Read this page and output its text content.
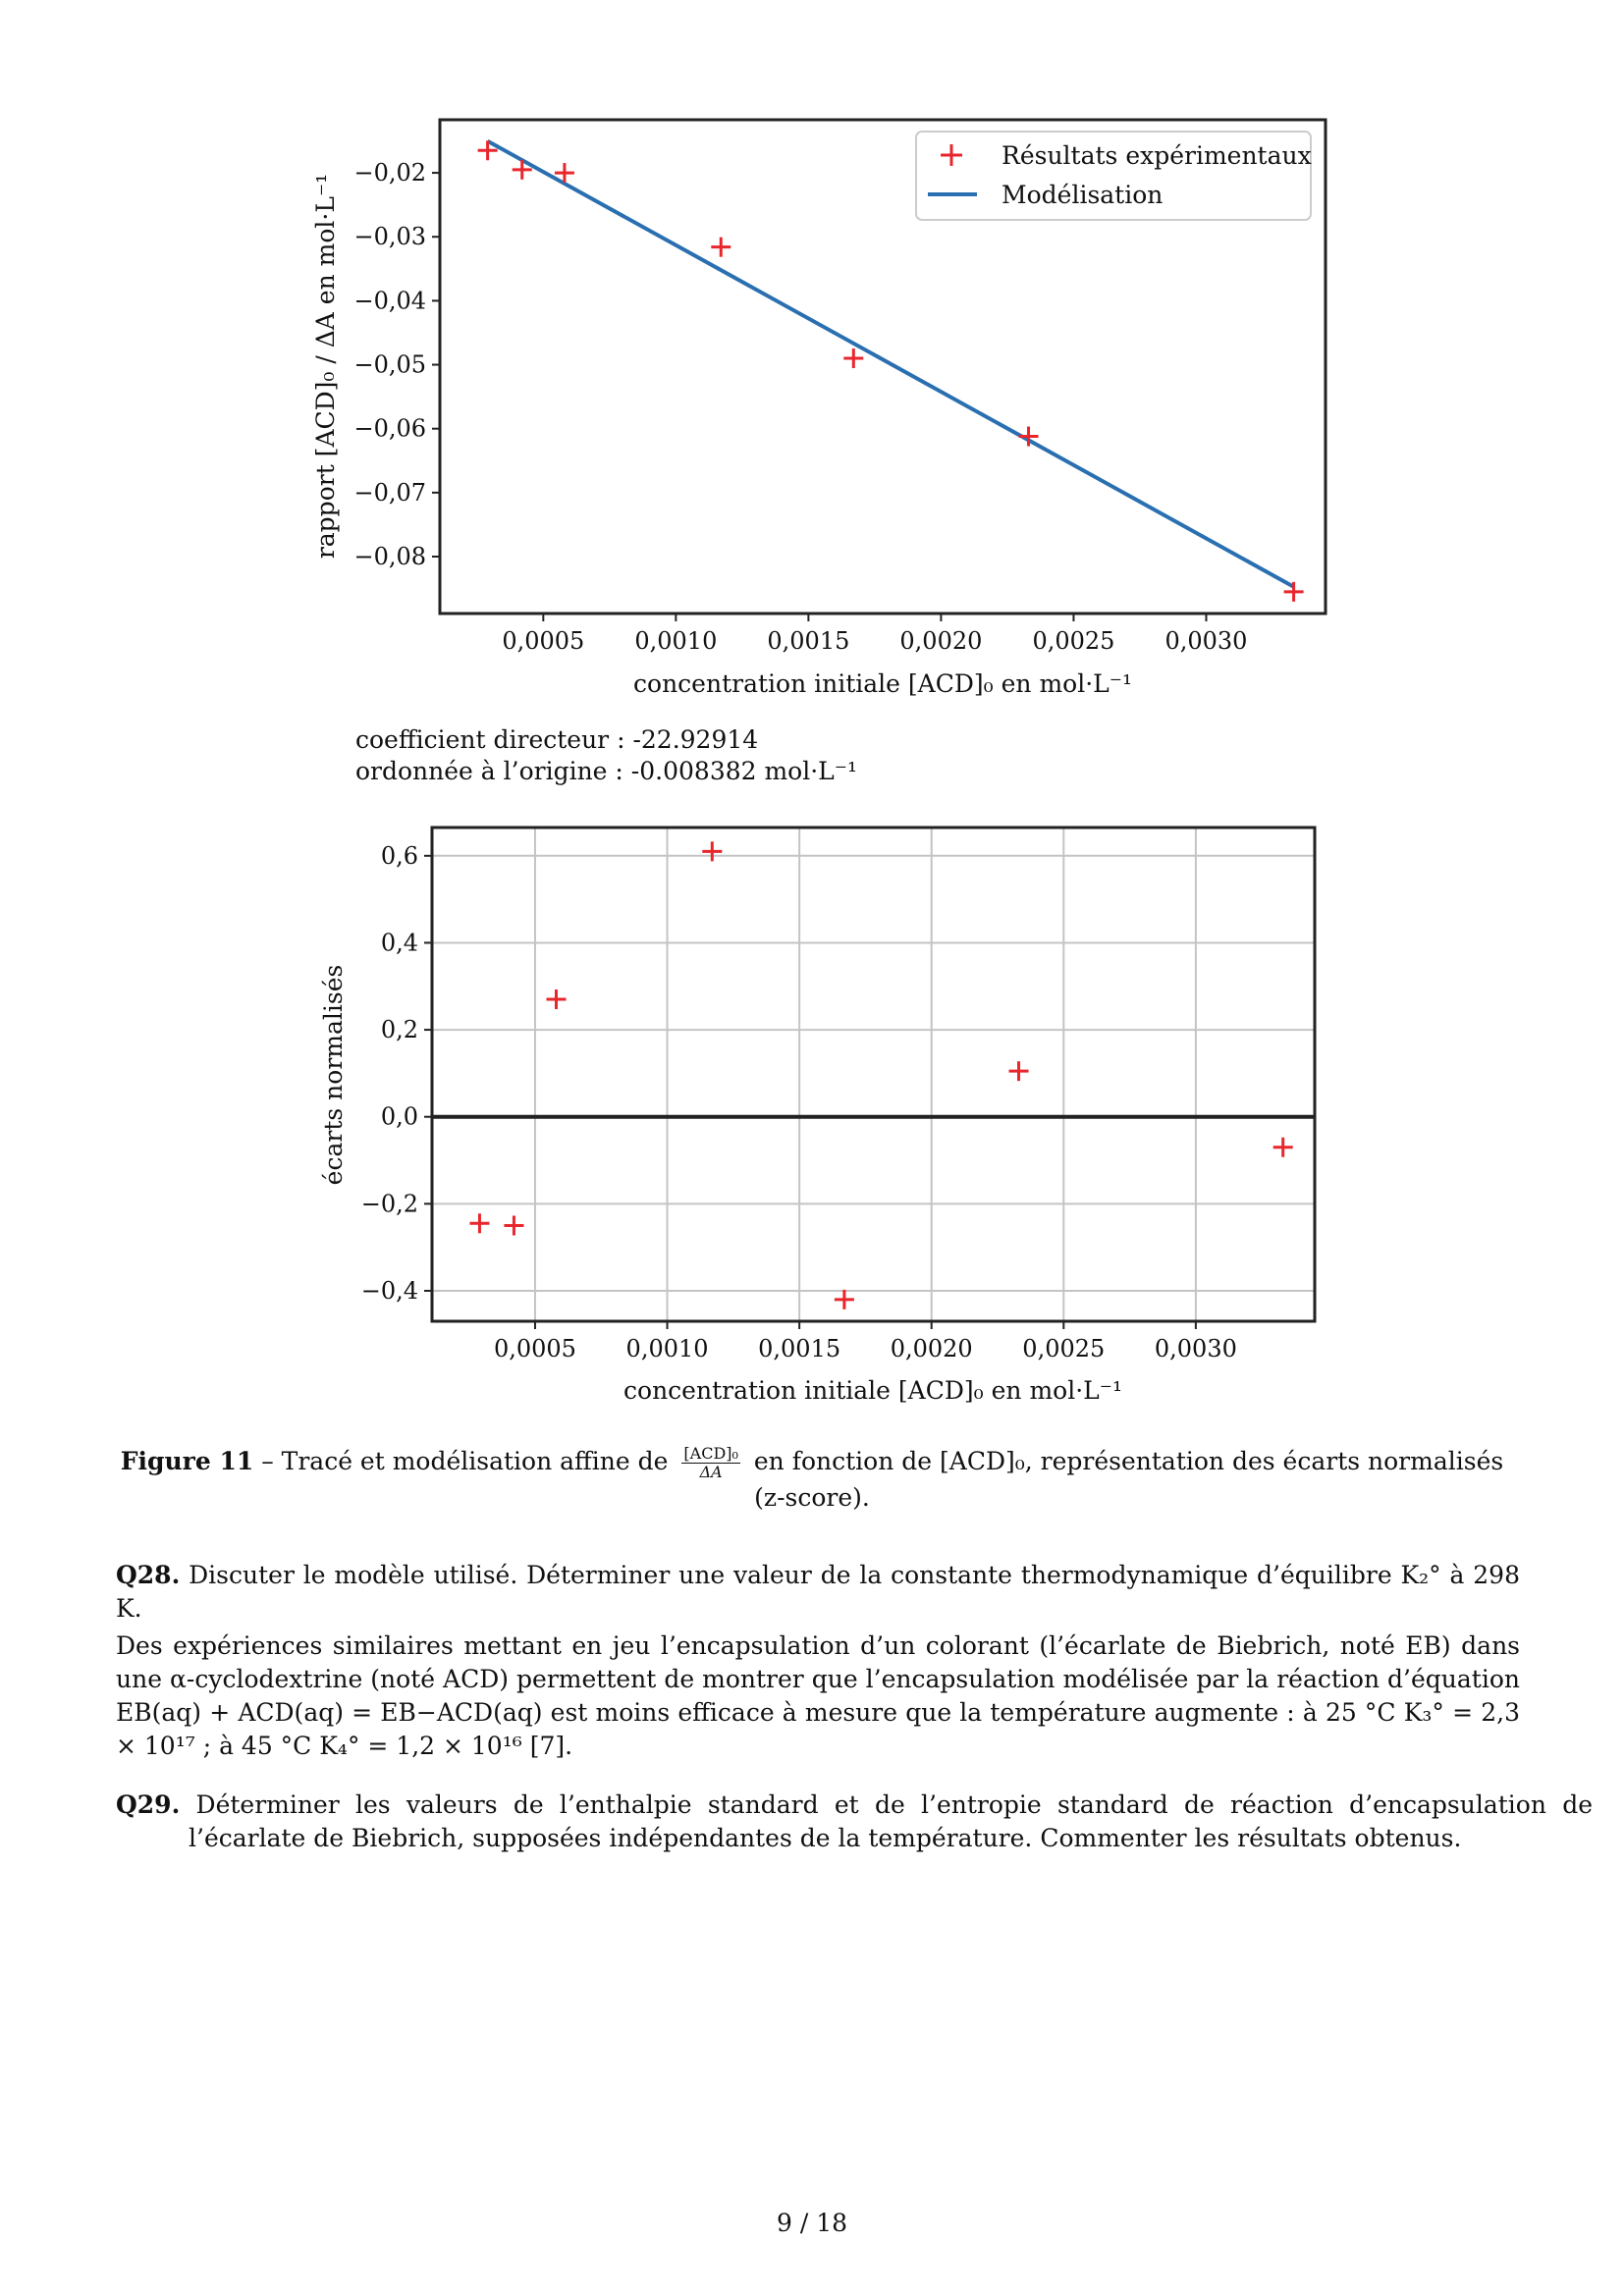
0,0005 0,0010 0,0015 0,0020 0,0025 0,0030
−0,02
−0,03
−0,04
−0,05
−0,06
−0,07
−0,08
Résultats expérimentaux
Modélisation
rapport [ACD]₀ / ΔA en mol·L⁻¹
concentration initiale [ACD]₀ en mol·L⁻¹
coefficient directeur : -22.92914
ordonnée à l’origine : -0.008382 mol·L⁻¹
0,0005 0,0010 0,0015 0,0020 0,0025 0,0030
0,6
0,4
0,2
0,0
−0,2
−0,4
écarts normalisés
concentration initiale [ACD]₀ en mol·L⁻¹
Figure 11 – Tracé et modélisation affine de $\frac{\text{[ACD]₀}}{\Delta A}$ en fonction de [ACD]₀, représentation des écarts normalisés
(z-score).
Q28. Discuter le modèle utilisé. Déterminer une valeur de la constante thermodynamique d’équilibre K₂° à 298 K.
Des expériences similaires mettant en jeu l’encapsulation d’un colorant (l’écarlate de Biebrich, noté EB) dans une α-cyclodextrine (noté ACD) permettent de montrer que l’encapsulation modélisée par la réaction d’équation EB(aq) + ACD(aq) = EB−ACD(aq) est moins efficace à mesure que la température augmente : à 25 °C K₃° = 2,3 × 10¹⁷ ; à 45 °C K₄° = 1,2 × 10¹⁶ [7].
Q29. Déterminer les valeurs de l’enthalpie standard et de l’entropie standard de réaction d’encapsulation de l’écarlate de Biebrich, supposées indépendantes de la température. Commenter les résultats obtenus.
9 / 18
